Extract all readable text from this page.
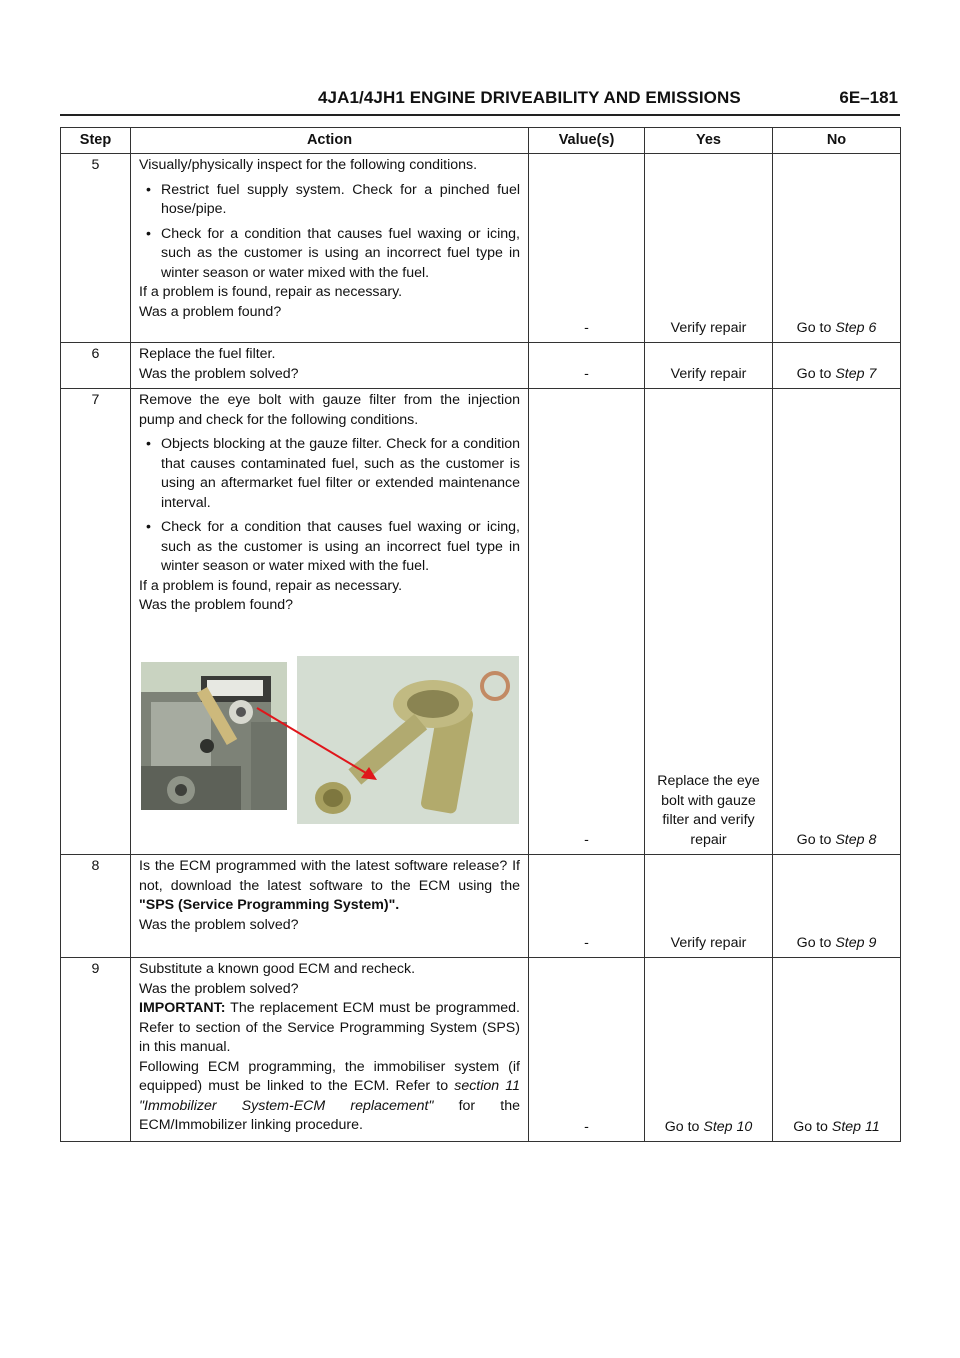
4JA1/4JH1 ENGINE DRIVEABILITY AND EMISSIONS	6E–181
Step	Action	Value(s)	Yes	No
5	Visually/physically inspect for the following conditions.
• Restrict fuel supply system. Check for a pinched fuel hose/pipe.
• Check for a condition that causes fuel waxing or icing, such as the customer is using an incorrect fuel type in winter season or water mixed with the fuel.
If a problem is found, repair as necessary.
Was a problem found?	-	Verify repair	Go to Step 6
6	Replace the fuel filter.
Was the problem solved?	-	Verify repair	Go to Step 7
7	Remove the eye bolt with gauze filter from the injection pump and check for the following conditions.
• Objects blocking at the gauze filter. Check for a condition that causes contaminated fuel, such as the customer is using an aftermarket fuel filter or extended maintenance interval.
• Check for a condition that causes fuel waxing or icing, such as the customer is using an incorrect fuel type in winter season or water mixed with the fuel.
If a problem is found, repair as necessary.
Was the problem found?	-	Replace the eye bolt with gauze filter and verify repair	Go to Step 8
8	Is the ECM programmed with the latest software release? If not, download the latest software to the ECM using the "SPS (Service Programming System)".
Was the problem solved?	-	Verify repair	Go to Step 9
9	Substitute a known good ECM and recheck.
Was the problem solved?
IMPORTANT: The replacement ECM must be programmed. Refer to section of the Service Programming System (SPS) in this manual.
Following ECM programming, the immobiliser system (if equipped) must be linked to the ECM. Refer to section 11 "Immobilizer System-ECM replacement" for the ECM/Immobilizer linking procedure.	-	Go to Step 10	Go to Step 11
